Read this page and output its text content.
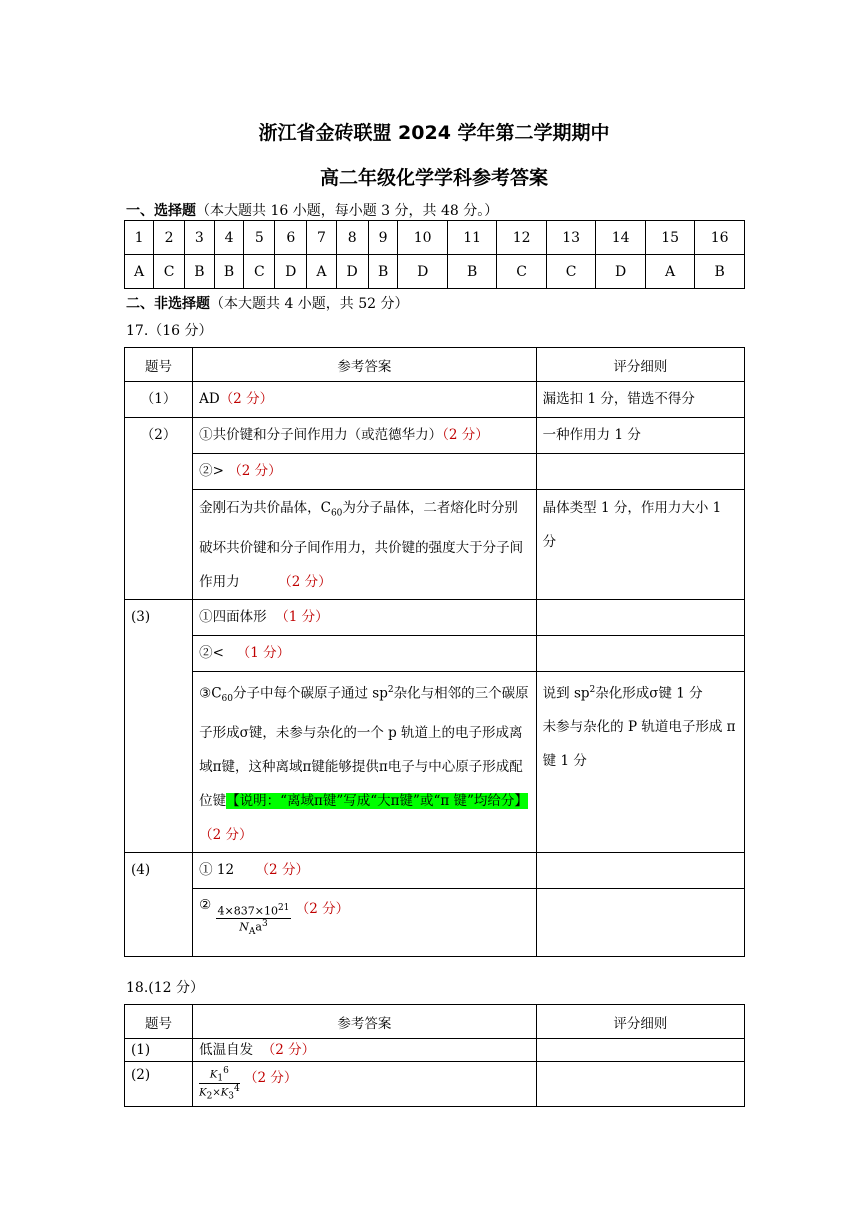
浙江省金砖联盟 2024 学年第二学期期中
高二年级化学学科参考答案
一、选择题（本大题共 16 小题，每小题 3 分，共 48 分。）
1	2	3	4	5	6	7	8	9	10	11	12	13	14	15	16
A	C	B	B	C	D	A	D	B	D	B	C	C	D	A	B
二、非选择题（本大题共 4 小题，共 52 分）
17.（16 分）
题号	参考答案	评分细则
（1）	AD（2 分）	漏选扣 1 分，错选不得分
（2）	①共价键和分子间作用力（或范德华力）（2 分）	一种作用力 1 分
	②> （2 分）	
	金刚石为共价晶体，$C_{60}$为分子晶体，二者熔化时分别破坏共价键和分子间作用力，共价键的强度大于分子间作用力 （2 分）	晶体类型 1 分，作用力大小 1 分
(3)	①四面体形 （1 分）	
	②< （1 分）	
	$③C_{60}$分子中每个碳原子通过 $sp^2$杂化与相邻的三个碳原子形成σ键，未参与杂化的一个 p 轨道上的电子形成离域π键，这种离域π键能够提供π电子与中心原子形成配位键【说明：“离域π键”写成“大π键”或“π 键”均给分】（2 分）	说到 $sp^2$杂化形成σ键 1 分
未参与杂化的 P 轨道电子形成 π 键 1 分
(4)	① 12 （2 分）	
	② $\frac{4\times 837\times 10^{21}}{N_Aa^3} (2$ 分）	
18.(12 分）
题号	参考答案	评分细则
(1)	低温自发 （2 分）	
(2)	$\frac{K_1^6}{K_2\times K_3^4} (2$ 分）	
